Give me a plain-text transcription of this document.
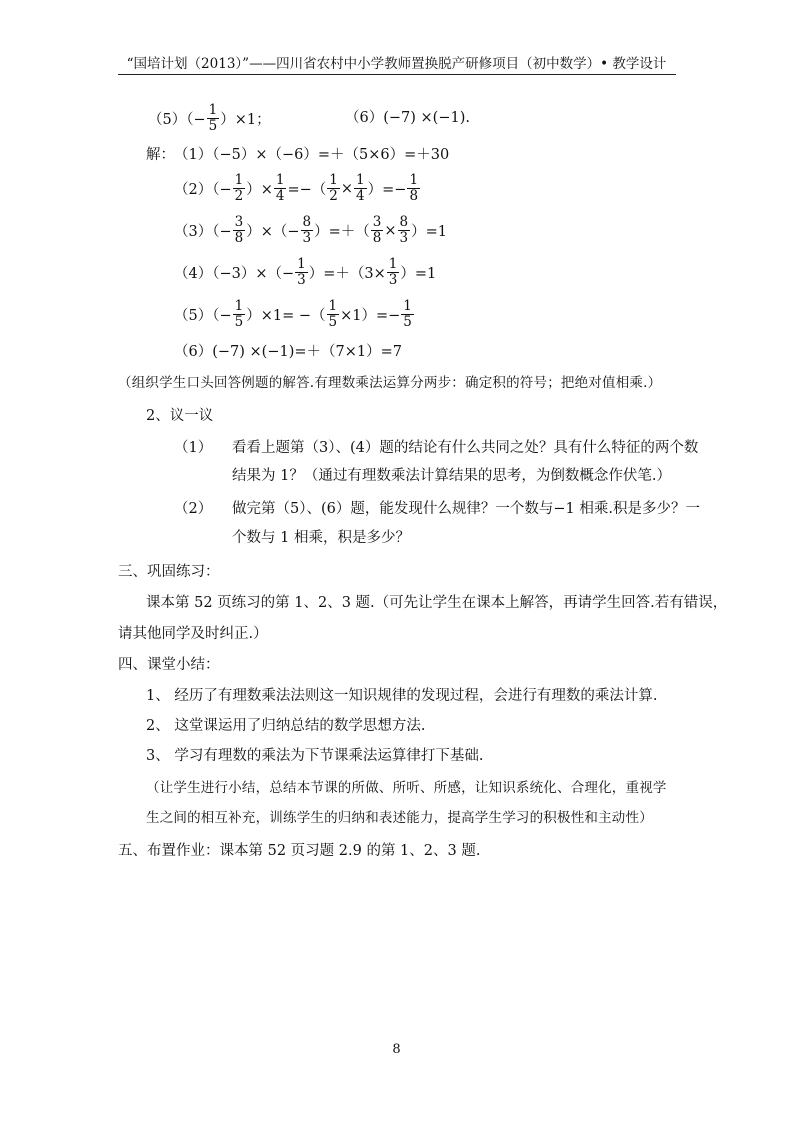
“国培计划（2013）”——四川省农村中小学教师置换脱产研修项目（初中数学）• 教学设计
$(5)(- \frac{1}{5} )\times 1$；	（6）(−7) ×(−1).
解： （1）（−5）×（−6）=＋（5×6）=＋30
$(2)(- \frac{1}{2}$ ）× $\frac{1}{4}$ =−（ $\frac{1}{2} \times \frac{1}{4}$ ）=− $\frac{1}{8}$
$(3)(- \frac{3}{8}$ ）×（− $\frac{8}{3}$ ）=＋（ $\frac{3}{8} \times \frac{8}{3} )=1$
$(4)(-3)\times(- \frac{1}{3} )=+(3\times \frac{1}{3} )=1$
$(5)(- \frac{1}{5} )\times 1=$ −（ $\frac{1}{5} \times 1)=- \frac{1}{5}$
（6）(−7) ×(−1)=＋（7×1）=7
（组织学生口头回答例题的解答.有理数乘法运算分两步：确定积的符号；把绝对值相乘.）
2、议一议
（1） 看看上题第（3）、(4）题的结论有什么共同之处？具有什么特征的两个数
结果为 1？（通过有理数乘法计算结果的思考，为倒数概念作伏笔.）
（2） 做完第（5）、(6）题，能发现什么规律？一个数与−1 相乘.积是多少？一
个数与 1 相乘，积是多少？
三、巩固练习：
课本第 52 页练习的第 1、2、3 题.（可先让学生在课本上解答，再请学生回答.若有错误，
请其他同学及时纠正.）
四、课堂小结：
1、 经历了有理数乘法法则这一知识规律的发现过程，会进行有理数的乘法计算.
2、 这堂课运用了归纳总结的数学思想方法.
3、 学习有理数的乘法为下节课乘法运算律打下基础.
（让学生进行小结，总结本节课的所做、所听、所感，让知识系统化、合理化，重视学
生之间的相互补充，训练学生的归纳和表述能力，提高学生学习的积极性和主动性）
五、布置作业：课本第 52 页习题 2.9 的第 1、2、3 题.
8
